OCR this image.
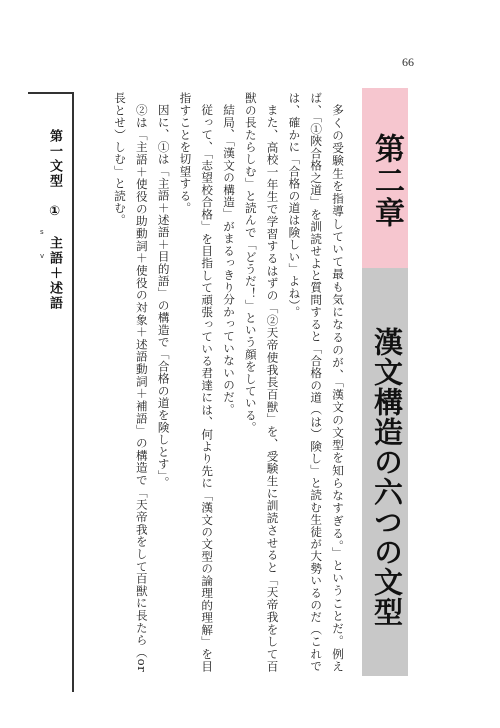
66
第二章
漢文構造の六つの文型

多くの受験生を指導していて最も気になるのが、「漢文の文型を知らなすぎる。」ということだ。例えば、「①陜合格之道」を訓読せよと質問すると「合格の道（は）険し」と読む生徒が大勢いるのだ（これでは、確かに「合格の道は険しい」よね）。

また、高校一年生で学習するはずの「②天帝使我長百獣」を、受験生に訓読させると「天帝我をして百獣の長たらしむ」と読んで「どうだ！」という顔をしている。

結局、「漢文の構造」がまるっきり分かっていないのだ。

従って、「志望校合格」を目指して頑張っている君達には、何より先に「漢文の文型の論理的理解」を目指すことを切望する。

因に、①は「主語＋述語＋目的語」の構造で「合格の道を険しとす」。

②は「主語＋使役の助動詞＋使役の対象＋述語動詞＋補語」の構造で「天帝我をして百獣に長たら（or長とせ）しむ」と読む。

第一文型　①　主語＋述語
s
v
